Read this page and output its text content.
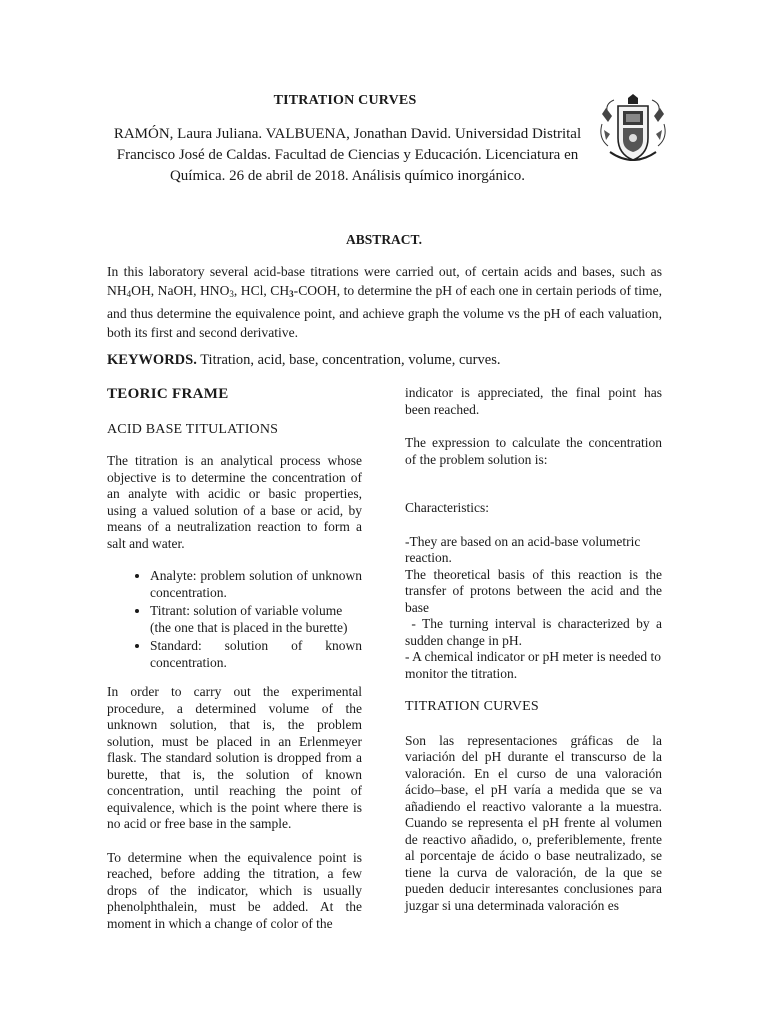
TITRATION CURVES
RAMÓN, Laura Juliana. VALBUENA, Jonathan David. Universidad Distrital
Francisco José de Caldas. Facultad de Ciencias y Educación. Licenciatura en
Química. 26 de abril de 2018. Análisis químico inorgánico.
ABSTRACT.

In this laboratory several acid-base titrations were carried out, of certain acids and bases, such as $NH_4OH$, NaOH, $HNO_3$, HCl, $CH_3$-COOH, to determine the pH of each one in certain periods of time, and thus determine the equivalence point, and achieve graph the volume vs the pH of each valuation, both its first and second derivative.

KEYWORDS. Titration, acid, base, concentration, volume, curves.
TEORIC FRAME
ACID BASE TITULATIONS

The titration is an analytical process whose objective is to determine the concentration of an analyte with acidic or basic properties, using a valued solution of a base or acid, by means of a neutralization reaction to form a salt and water.

• Analyte: problem solution of unknown concentration.
• Titrant: solution of variable volume (the one that is placed in the burette)
• Standard: solution of known concentration.

In order to carry out the experimental procedure, a determined volume of the unknown solution, that is, the problem solution, must be placed in an Erlenmeyer flask. The standard solution is dropped from a burette, that is, the solution of known concentration, until reaching the point of equivalence, which is the point where there is no acid or free base in the sample.

To determine when the equivalence point is reached, before adding the titration, a few drops of the indicator, which is usually phenolphthalein, must be added. At the moment in which a change of color of the

indicator is appreciated, the final point has been reached.

The expression to calculate the concentration of the problem solution is:

Characteristics:

-They are based on an acid-base volumetric reaction.

The theoretical basis of this reaction is the transfer of protons between the acid and the base

- The turning interval is characterized by a sudden change in pH.

- A chemical indicator or pH meter is needed to monitor the titration.

TITRATION CURVES

Son las representaciones gráficas de la variación del pH durante el transcurso de la valoración. En el curso de una valoración ácido–base, el pH varía a medida que se va añadiendo el reactivo valorante a la muestra. Cuando se representa el pH frente al volumen de reactivo añadido, o, preferiblemente, frente al porcentaje de ácido o base neutralizado, se tiene la curva de valoración, de la que se pueden deducir interesantes conclusiones para juzgar si una determinada valoración es
